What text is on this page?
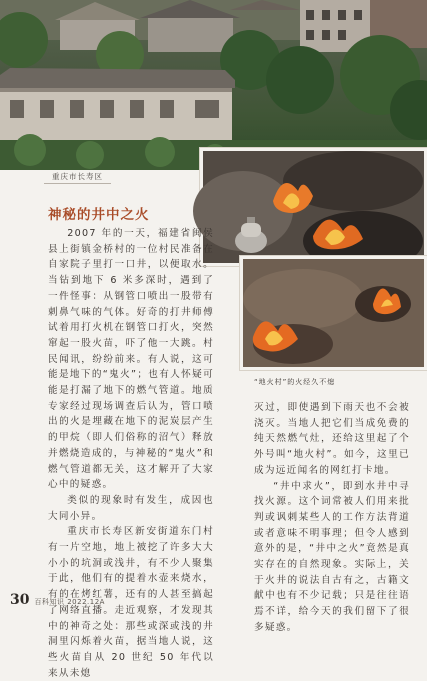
重庆市长寿区
“地火村”的火经久不熄
神秘的井中之火

2007 年的一天，福建省闽侯县上街镇金桥村的一位村民准备在自家院子里打一口井，以便取水。当钻到地下 6 米多深时，遇到了一件怪事：从钢管口喷出一股带有刺鼻气味的气体。好奇的打井师傅试着用打火机在钢管口打火，突然窜起一股火苗，吓了他一大跳。村民闻讯，纷纷前来。有人说，这可能是地下的“鬼火”；也有人怀疑可能是打漏了地下的燃气管道。地质专家经过现场调查后认为，管口喷出的火是埋藏在地下的泥炭层产生的甲烷（即人们俗称的沼气）释放并燃烧造成的，与神秘的“鬼火”和燃气管道都无关，这才解开了大家心中的疑惑。

类似的现象时有发生，成因也大同小异。

重庆市长寿区新安街道东门村有一片空地，地上被挖了许多大大小小的坑洞或浅井，有不少人聚集于此，他们有的提着水壶来烧水，有的在烤红薯，还有的人甚至搞起了网络直播。走近观察，才发现其中的神奇之处：那些或深或浅的井洞里闪烁着火苗，据当地人说，这些火苗自从 20 世纪 50 年代以来从未熄

灭过，即使遇到下雨天也不会被浇灭。当地人把它们当成免费的纯天然燃气灶，还给这里起了个外号叫“地火村”。如今，这里已成为远近闻名的网红打卡地。

“井中求火”，即到水井中寻找火源。这个词常被人们用来批判或讽刺某些人的工作方法背道或者意味不明事理；但令人感到意外的是，“井中之火”竟然是真实存在的自然现象。实际上，关于火井的说法自古有之，古籍文献中也有不少记载；只是往往语焉不详，给今天的我们留下了很多疑惑。

30 百科知识 2022.12A
